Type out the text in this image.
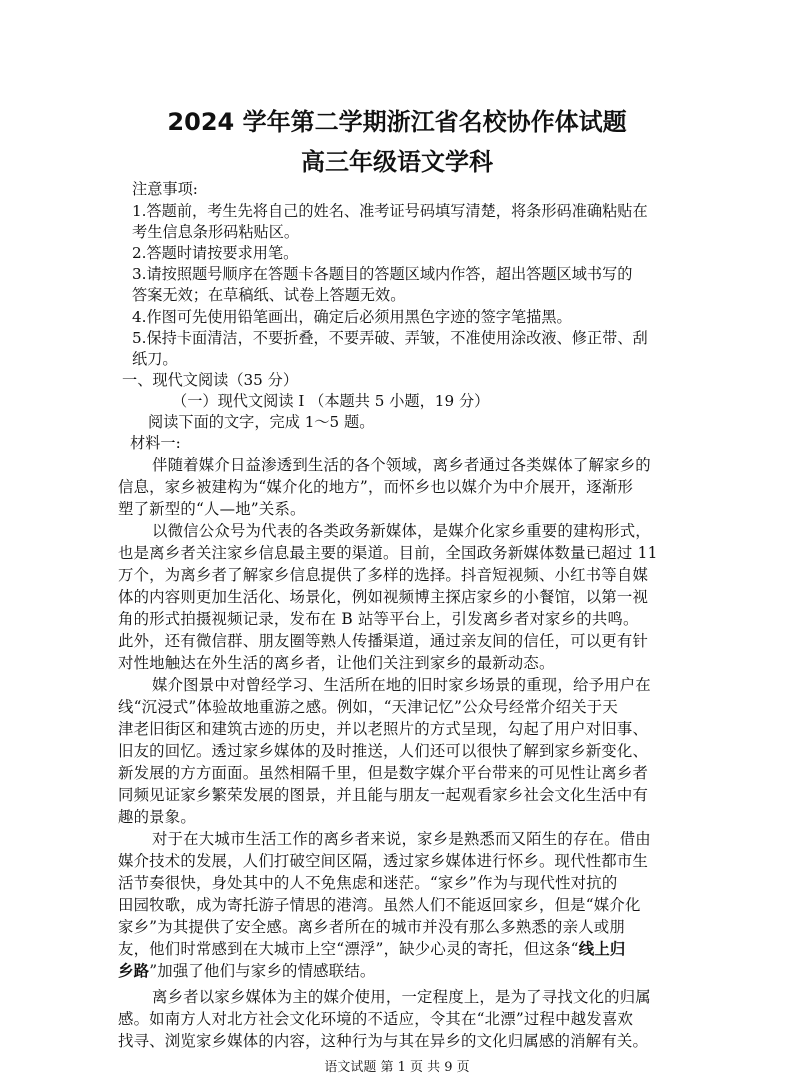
2024 学年第二学期浙江省名校协作体试题
高三年级语文学科

注意事项:

1.答题前，考生先将自己的姓名、准考证号码填写清楚，将条形码准确粘贴在

考生信息条形码粘贴区。

2.答题时请按要求用笔。

3.请按照题号顺序在答题卡各题目的答题区域内作答，超出答题区域书写的

答案无效；在草稿纸、试卷上答题无效。

4.作图可先使用铅笔画出，确定后必须用黑色字迹的签字笔描黑。

5.保持卡面清洁，不要折叠，不要弄破、弄皱，不准使用涂改液、修正带、刮

纸刀。

一、现代文阅读（35 分）

（一）现代文阅读 I （本题共 5 小题，19 分）

阅读下面的文字，完成 1～5 题。

材料一:

伴随着媒介日益渗透到生活的各个领域，离乡者通过各类媒体了解家乡的

信息，家乡被建构为“媒介化的地方”，而怀乡也以媒介为中介展开，逐渐形

塑了新型的“人—地”关系。

以微信公众号为代表的各类政务新媒体，是媒介化家乡重要的建构形式，

也是离乡者关注家乡信息最主要的渠道。目前，全国政务新媒体数量已超过 11

万个，为离乡者了解家乡信息提供了多样的选择。抖音短视频、小红书等自媒

体的内容则更加生活化、场景化，例如视频博主探店家乡的小餐馆，以第一视

角的形式拍摄视频记录，发布在 B 站等平台上，引发离乡者对家乡的共鸣。

此外，还有微信群、朋友圈等熟人传播渠道，通过亲友间的信任，可以更有针

对性地触达在外生活的离乡者，让他们关注到家乡的最新动态。

媒介图景中对曾经学习、生活所在地的旧时家乡场景的重现，给予用户在

线“沉浸式”体验故地重游之感。例如，“天津记忆”公众号经常介绍关于天

津老旧街区和建筑古迹的历史，并以老照片的方式呈现，勾起了用户对旧事、

旧友的回忆。透过家乡媒体的及时推送，人们还可以很快了解到家乡新变化、

新发展的方方面面。虽然相隔千里，但是数字媒介平台带来的可见性让离乡者

同频见证家乡繁荣发展的图景，并且能与朋友一起观看家乡社会文化生活中有

趣的景象。

对于在大城市生活工作的离乡者来说，家乡是熟悉而又陌生的存在。借由

媒介技术的发展，人们打破空间区隔，透过家乡媒体进行怀乡。现代性都市生

活节奏很快，身处其中的人不免焦虑和迷茫。“家乡”作为与现代性对抗的

田园牧歌，成为寄托游子情思的港湾。虽然人们不能返回家乡，但是“媒介化

家乡”为其提供了安全感。离乡者所在的城市并没有那么多熟悉的亲人或朋

友，他们时常感到在大城市上空“漂浮”，缺少心灵的寄托，但这条“线上归

乡路”加强了他们与家乡的情感联结。

离乡者以家乡媒体为主的媒介使用，一定程度上，是为了寻找文化的归属

感。如南方人对北方社会文化环境的不适应，令其在“北漂”过程中越发喜欢

找寻、浏览家乡媒体的内容，这种行为与其在异乡的文化归属感的消解有关。

语文试题 第 1 页 共 9 页
